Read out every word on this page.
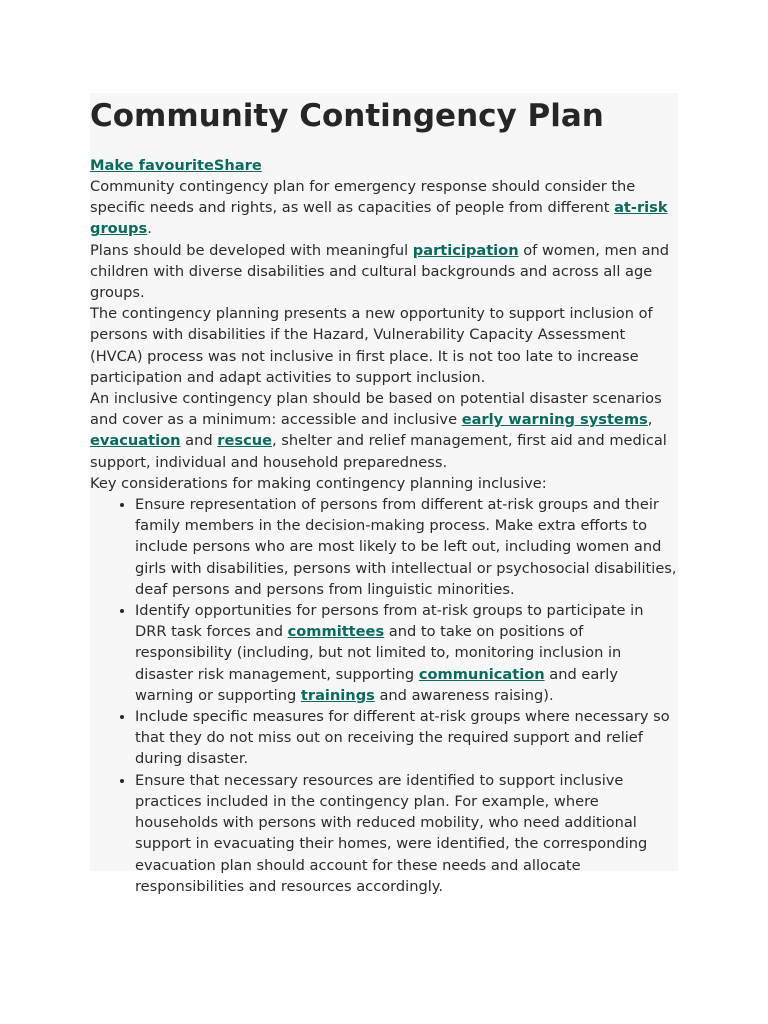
Community Contingency Plan
Make favouriteShare

Community contingency plan for emergency response should consider the specific needs and rights, as well as capacities of people from different at-risk groups.

Plans should be developed with meaningful participation of women, men and children with diverse disabilities and cultural backgrounds and across all age groups.

The contingency planning presents a new opportunity to support inclusion of persons with disabilities if the Hazard, Vulnerability Capacity Assessment (HVCA) process was not inclusive in first place. It is not too late to increase participation and adapt activities to support inclusion.

An inclusive contingency plan should be based on potential disaster scenarios and cover as a minimum: accessible and inclusive early warning systems, evacuation and rescue, shelter and relief management, first aid and medical support, individual and household preparedness.

Key considerations for making contingency planning inclusive:

• Ensure representation of persons from different at-risk groups and their family members in the decision-making process. Make extra efforts to include persons who are most likely to be left out, including women and girls with disabilities, persons with intellectual or psychosocial disabilities, deaf persons and persons from linguistic minorities.
• Identify opportunities for persons from at-risk groups to participate in DRR task forces and committees and to take on positions of responsibility (including, but not limited to, monitoring inclusion in disaster risk management, supporting communication and early warning or supporting trainings and awareness raising).
• Include specific measures for different at-risk groups where necessary so that they do not miss out on receiving the required support and relief during disaster.
• Ensure that necessary resources are identified to support inclusive practices included in the contingency plan. For example, where households with persons with reduced mobility, who need additional support in evacuating their homes, were identified, the corresponding evacuation plan should account for these needs and allocate responsibilities and resources accordingly.
